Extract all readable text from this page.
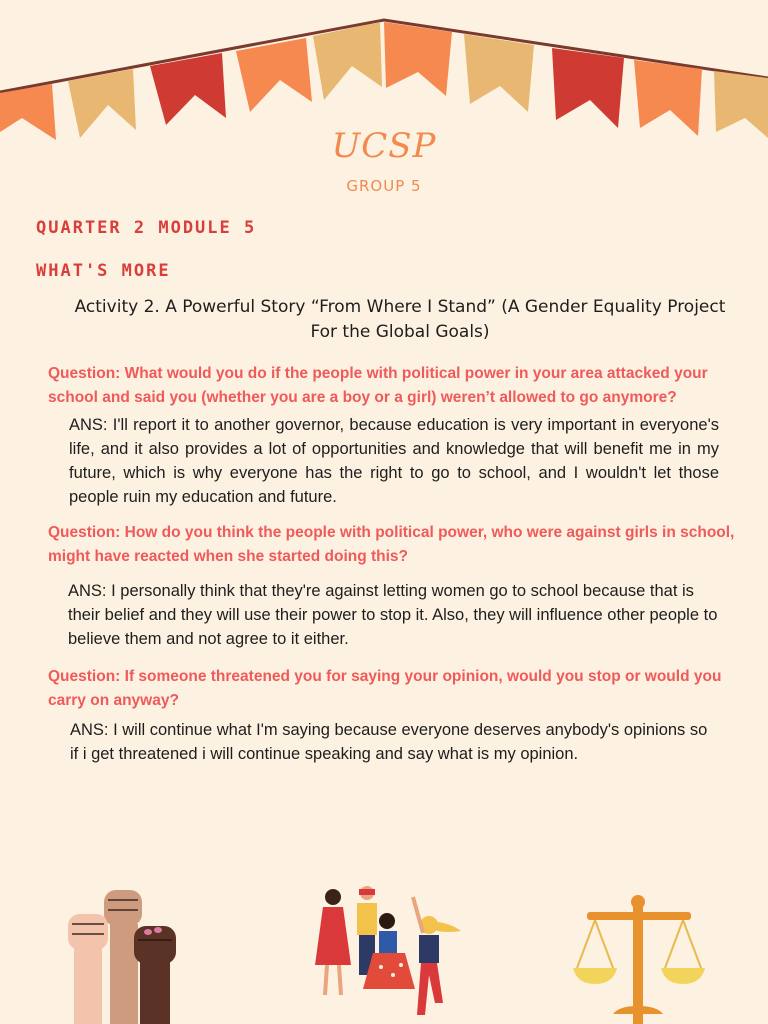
UCSP
GROUP 5
QUARTER 2 MODULE 5
WHAT'S MORE
Activity 2. A Powerful Story “From Where I Stand” (A Gender Equality Project For the Global Goals)
Question: What would you do if the people with political power in your area attacked your school and said you (whether you are a boy or a girl) weren’t allowed to go anymore?
ANS: I'll report it to another governor, because education is very important in everyone's life, and it also provides a lot of opportunities and knowledge that will benefit me in my future, which is why everyone has the right to go to school, and I wouldn't let those people ruin my education and future.
Question: How do you think the people with political power, who were against girls in school, might have reacted when she started doing this?
ANS: I personally think that they're against letting women go to school because that is their belief and they will use their power to stop it. Also, they will influence other people to believe them and not agree to it either.
Question: If someone threatened you for saying your opinion, would you stop or would you carry on anyway?
ANS: I will continue what I'm saying because everyone deserves anybody's opinions so if i get threatened i will continue speaking and say what is my opinion.
